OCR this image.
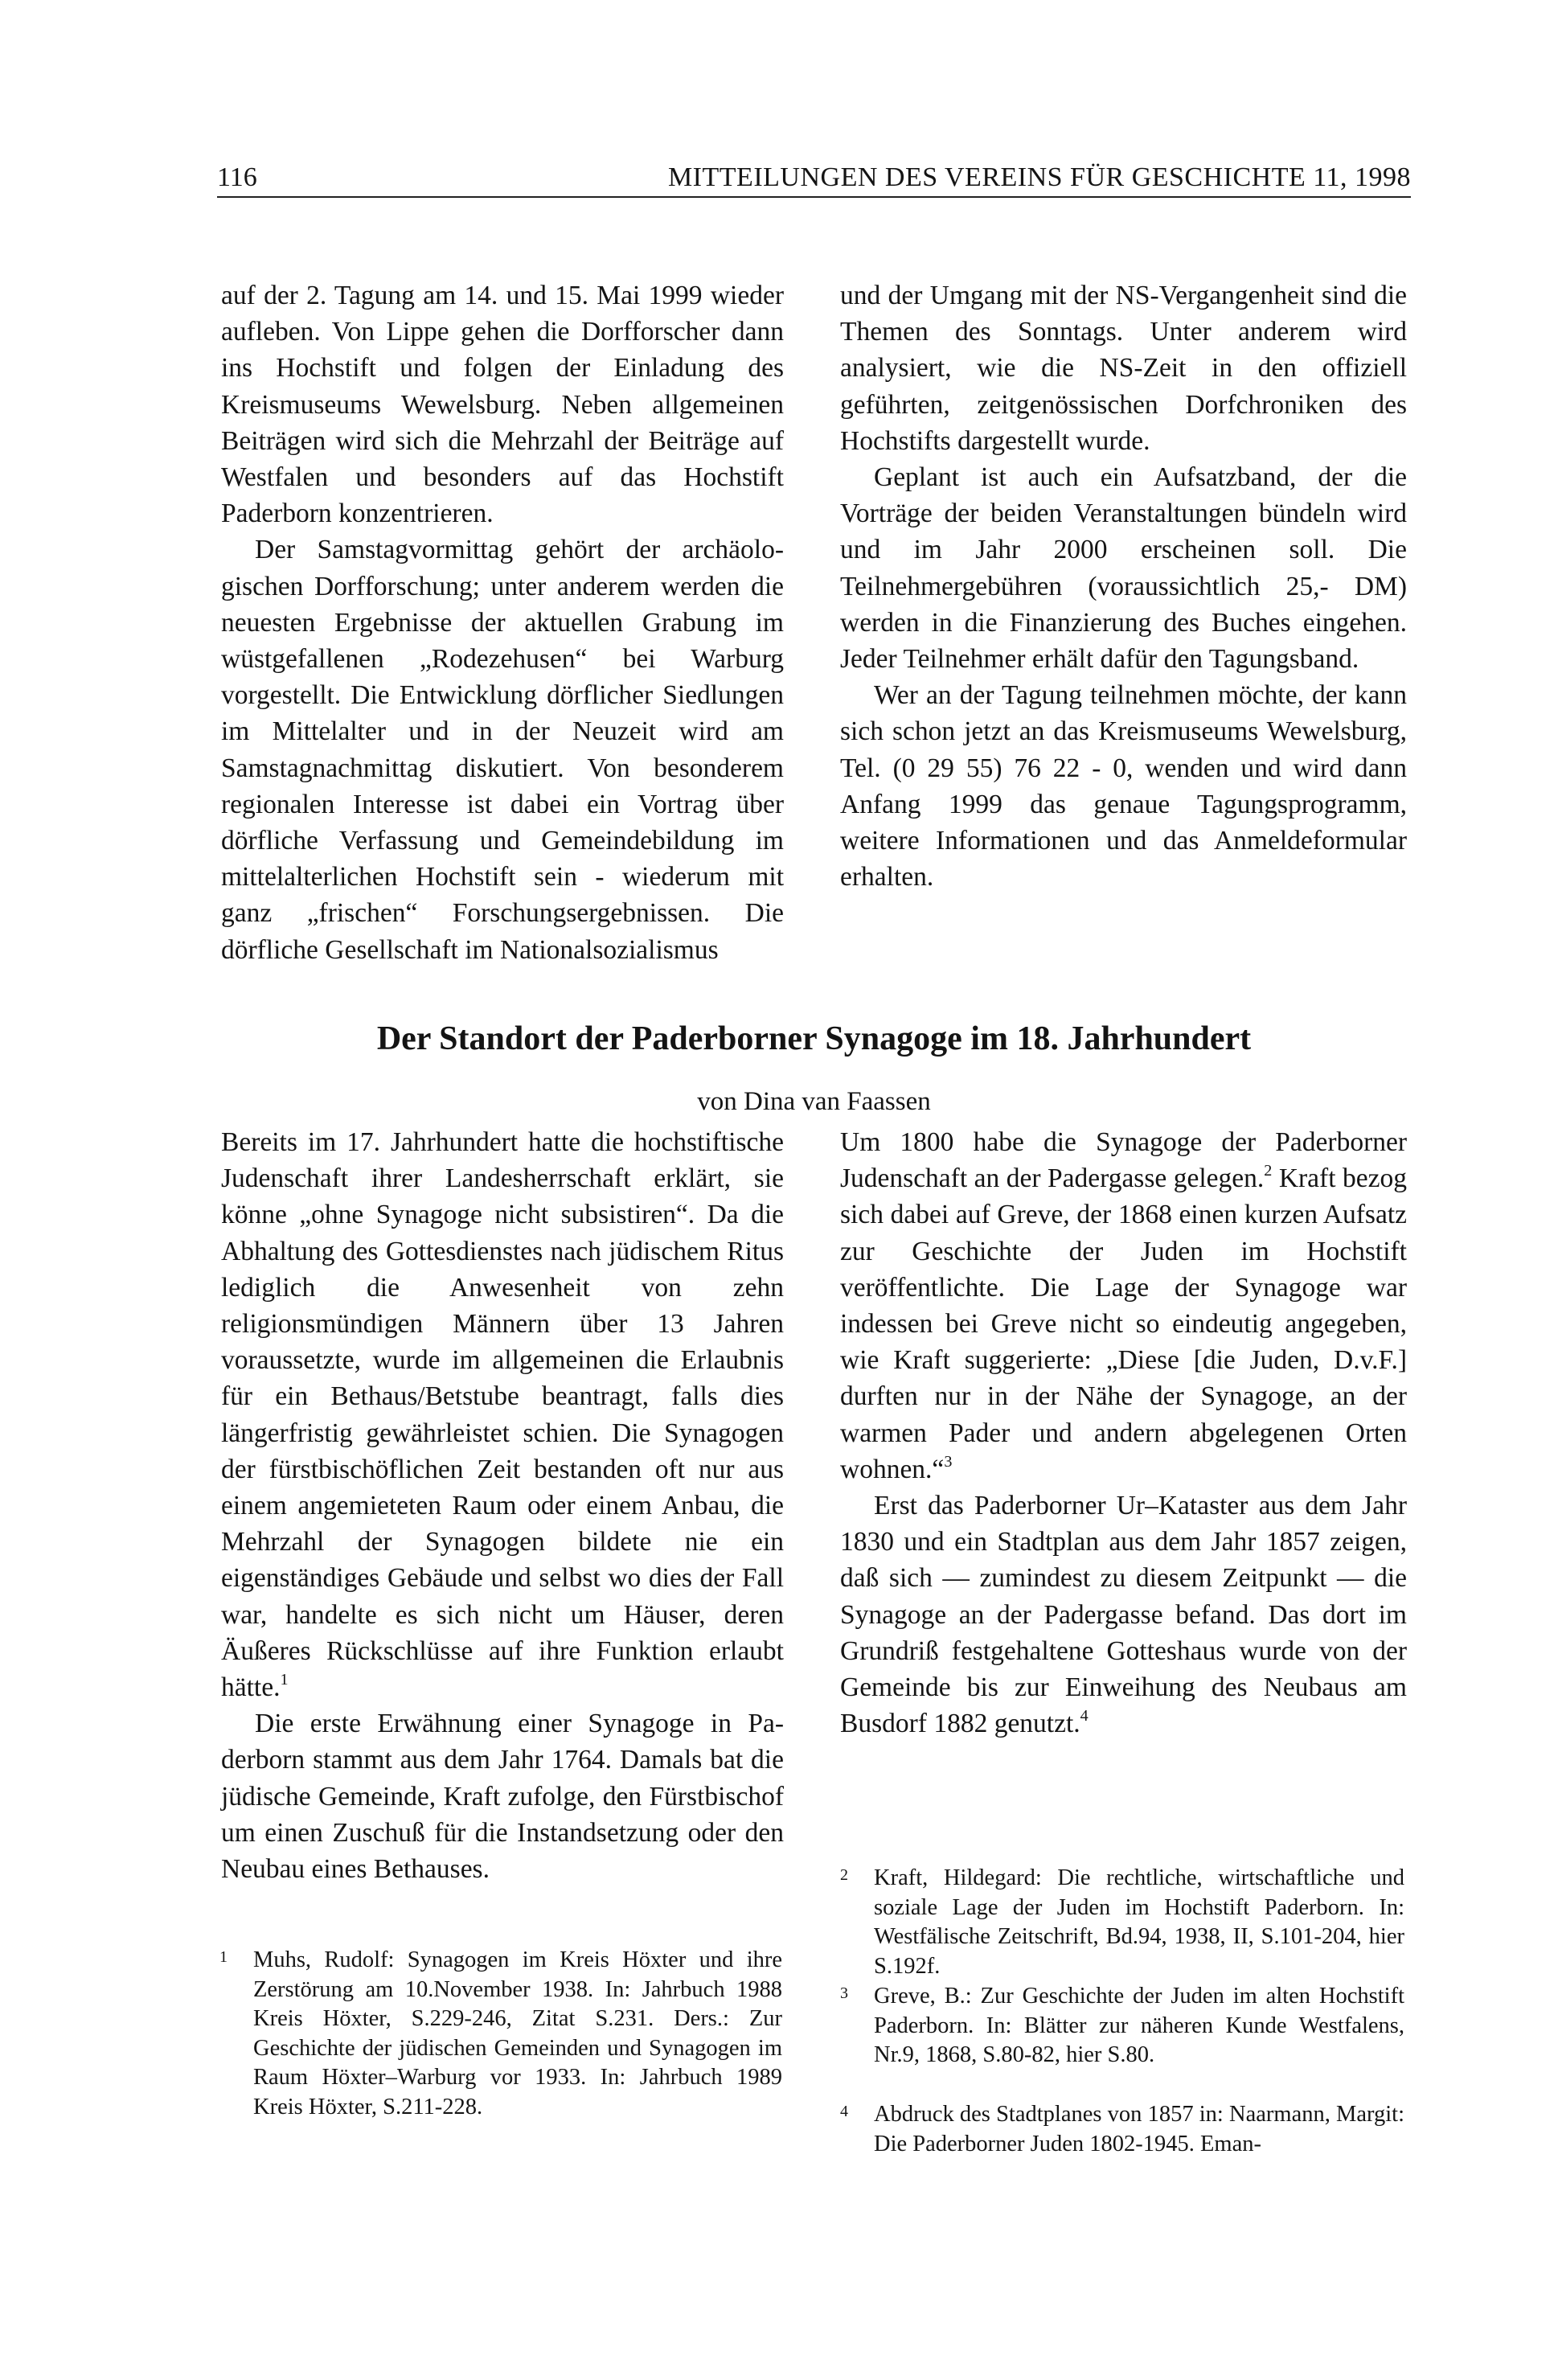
116	MITTEILUNGEN DES VEREINS FÜR GESCHICHTE 11, 1998

auf der 2. Tagung am 14. und 15. Mai 1999 wieder aufleben. Von Lippe gehen die Dorfforscher dann ins Hochstift und folgen der Einladung des Kreismuseums Wewelsburg. Neben allgemeinen Beiträgen wird sich die Mehrzahl der Beiträge auf Westfalen und besonders auf das Hochstift Paderborn konzentrieren.

Der Samstagvormittag gehört der archäologischen Dorfforschung; unter anderem werden die neuesten Ergebnisse der aktuellen Grabung im wüstgefallenen „Rodezehusen“ bei Warburg vorgestellt. Die Entwicklung dörflicher Siedlungen im Mittelalter und in der Neuzeit wird am Samstagnachmittag diskutiert. Von besonderem regionalen Interesse ist dabei ein Vortrag über dörfliche Verfassung und Gemeindebildung im mittelalterlichen Hochstift sein - wiederum mit ganz „frischen“ Forschungsergebnissen. Die dörfliche Gesellschaft im Nationalsozialismus

und der Umgang mit der NS-Vergangenheit sind die Themen des Sonntags. Unter anderem wird analysiert, wie die NS-Zeit in den offiziell geführten, zeitgenössischen Dorfchroniken des Hochstifts dargestellt wurde.

Geplant ist auch ein Aufsatzband, der die Vorträge der beiden Veranstaltungen bündeln wird und im Jahr 2000 erscheinen soll. Die Teilnehmergebühren (voraussichtlich 25,- DM) werden in die Finanzierung des Buches eingehen. Jeder Teilnehmer erhält dafür den Tagungsband.

Wer an der Tagung teilnehmen möchte, der kann sich schon jetzt an das Kreismuseums Wewelsburg, Tel. (0 29 55) 76 22 - 0, wenden und wird dann Anfang 1999 das genaue Tagungsprogramm, weitere Informationen und das Anmeldeformular erhalten.

Der Standort der Paderborner Synagoge im 18. Jahrhundert
von Dina van Faassen

Bereits im 17. Jahrhundert hatte die hochstiftische Judenschaft ihrer Landesherrschaft erklärt, sie könne „ohne Synagoge nicht subsistiren“. Da die Abhaltung des Gottesdienstes nach jüdischem Ritus lediglich die Anwesenheit von zehn religionsmündigen Männern über 13 Jahren voraussetzte, wurde im allgemeinen die Erlaubnis für ein Bethaus/Betstube beantragt, falls dies längerfristig gewährleistet schien. Die Synagogen der fürstbischöflichen Zeit bestanden oft nur aus einem angemieteten Raum oder einem Anbau, die Mehrzahl der Synagogen bildete nie ein eigenständiges Gebäude und selbst wo dies der Fall war, handelte es sich nicht um Häuser, deren Äußeres Rückschlüsse auf ihre Funktion erlaubt hätte.$^1$

Die erste Erwähnung einer Synagoge in Paderborn stammt aus dem Jahr 1764. Damals bat die jüdische Gemeinde, Kraft zufolge, den Fürstbischof um einen Zuschuß für die Instandsetzung oder den Neubau eines Bethauses.

Um 1800 habe die Synagoge der Paderborner Judenschaft an der Padergasse gelegen.$^2$ Kraft bezog sich dabei auf Greve, der 1868 einen kurzen Aufsatz zur Geschichte der Juden im Hochstift veröffentlichte. Die Lage der Synagoge war indessen bei Greve nicht so eindeutig angegeben, wie Kraft suggerierte: „Diese [die Juden, D.v.F.] durften nur in der Nähe der Synagoge, an der warmen Pader und andern abgelegenen Orten wohnen.“$^3$

Erst das Paderborner Ur–Kataster aus dem Jahr 1830 und ein Stadtplan aus dem Jahr 1857 zeigen, daß sich — zumindest zu diesem Zeitpunkt — die Synagoge an der Padergasse befand. Das dort im Grundriß festgehaltene Gotteshaus wurde von der Gemeinde bis zur Einweihung des Neubaus am Busdorf 1882 genutzt.$^4$

1 Muhs, Rudolf: Synagogen im Kreis Höxter und ihre Zerstörung am 10.November 1938. In: Jahrbuch 1988 Kreis Höxter, S.229-246, Zitat S.231. Ders.: Zur Geschichte der jüdischen Gemeinden und Synagogen im Raum Höxter–Warburg vor 1933. In: Jahrbuch 1989 Kreis Höxter, S.211-228.
2 Kraft, Hildegard: Die rechtliche, wirtschaftliche und soziale Lage der Juden im Hochstift Paderborn. In: Westfälische Zeitschrift, Bd.94, 1938, II, S.101-204, hier S.192f.
3 Greve, B.: Zur Geschichte der Juden im alten Hochstift Paderborn. In: Blätter zur näheren Kunde Westfalens, Nr.9, 1868, S.80-82, hier S.80.
4 Abdruck des Stadtplanes von 1857 in: Naarmann, Margit: Die Paderborner Juden 1802-1945. Eman-
